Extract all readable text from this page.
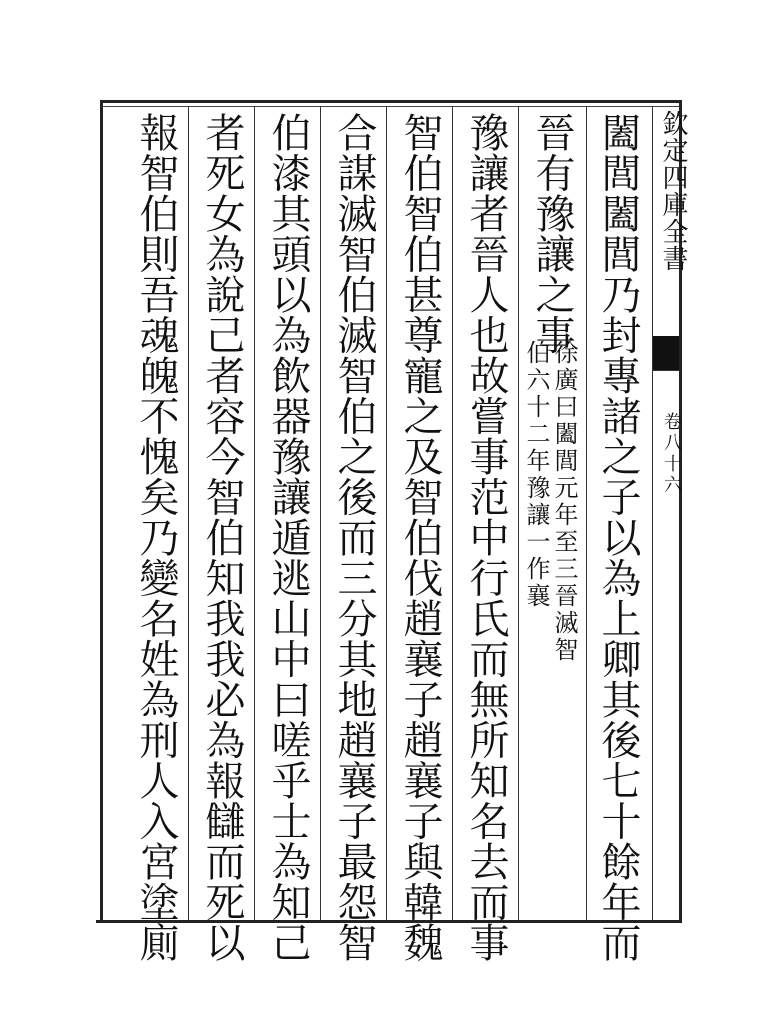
欽定四庫全書
卷八十六
闔閭闔閭乃封專諸之子以為上卿其後七十餘年而
晉有豫讓之事
徐廣曰闔閭元年至三晉滅智
伯六十二年豫讓一作襄
豫讓者晉人也故嘗事范中行氏而無所知名去而事
智伯智伯甚尊寵之及智伯伐趙襄子趙襄子與韓魏
合謀滅智伯滅智伯之後而三分其地趙襄子最怨智
伯漆其頭以為飲器豫讓遁逃山中曰嗟乎士為知己
者死女為說己者容今智伯知我我必為報讎而死以
報智伯則吾魂魄不愧矣乃變名姓為刑人入宮塗廁
